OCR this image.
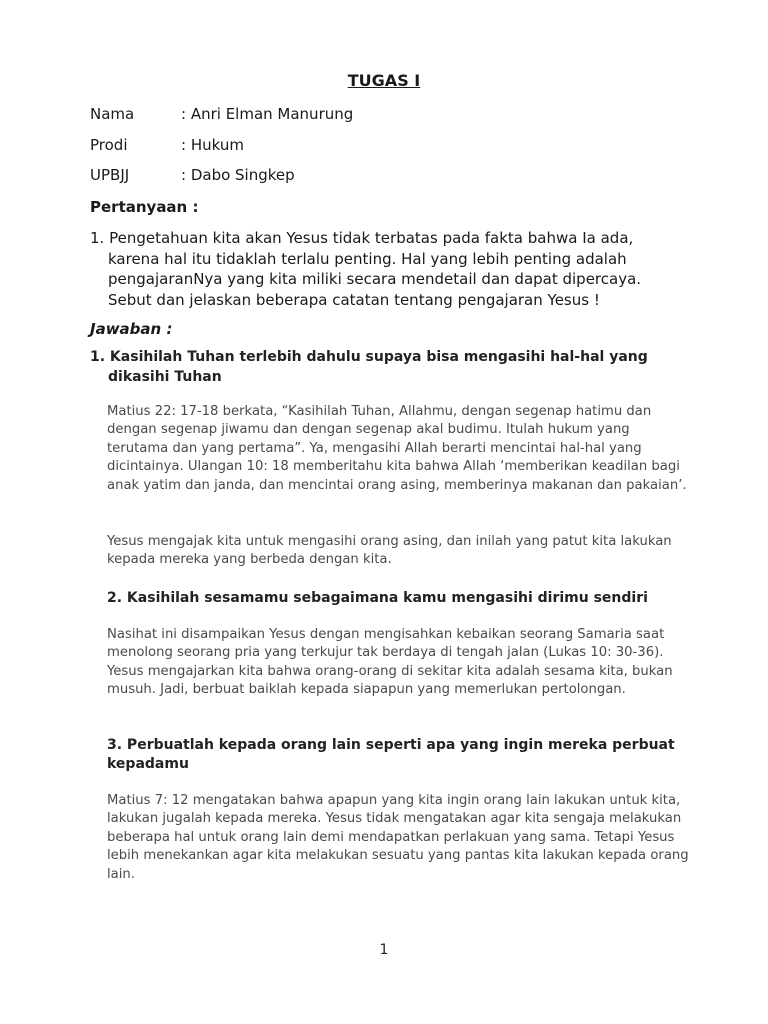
TUGAS I
Nama	: Anri Elman Manurung
Prodi	: Hukum
UPBJJ	: Dabo Singkep
Pertanyaan :
1. Pengetahuan kita akan Yesus tidak terbatas pada fakta bahwa Ia ada,
karena hal itu tidaklah terlalu penting. Hal yang lebih penting adalah
pengajaranNya yang kita miliki secara mendetail dan dapat dipercaya.
Sebut dan jelaskan beberapa catatan tentang pengajaran Yesus !
Jawaban :
1. Kasihilah Tuhan terlebih dahulu supaya bisa mengasihi hal-hal yang
dikasihi Tuhan

Matius 22: 17-18 berkata, “Kasihilah Tuhan, Allahmu, dengan segenap hatimu dan dengan segenap jiwamu dan dengan segenap akal budimu. Itulah hukum yang terutama dan yang pertama”. Ya, mengasihi Allah berarti mencintai hal-hal yang dicintainya. Ulangan 10: 18 memberitahu kita bahwa Allah ‘memberikan keadilan bagi anak yatim dan janda, dan mencintai orang asing, memberinya makanan dan pakaian’.

Yesus mengajak kita untuk mengasihi orang asing, dan inilah yang patut kita lakukan kepada mereka yang berbeda dengan kita.

2. Kasihilah sesamamu sebagaimana kamu mengasihi dirimu sendiri

Nasihat ini disampaikan Yesus dengan mengisahkan kebaikan seorang Samaria saat menolong seorang pria yang terkujur tak berdaya di tengah jalan (Lukas 10: 30-36). Yesus mengajarkan kita bahwa orang-orang di sekitar kita adalah sesama kita, bukan musuh. Jadi, berbuat baiklah kepada siapapun yang memerlukan pertolongan.

3. Perbuatlah kepada orang lain seperti apa yang ingin mereka perbuat
kepadamu

Matius 7: 12 mengatakan bahwa apapun yang kita ingin orang lain lakukan untuk kita, lakukan jugalah kepada mereka. Yesus tidak mengatakan agar kita sengaja melakukan beberapa hal untuk orang lain demi mendapatkan perlakuan yang sama. Tetapi Yesus lebih menekankan agar kita melakukan sesuatu yang pantas kita lakukan kepada orang lain.

1
